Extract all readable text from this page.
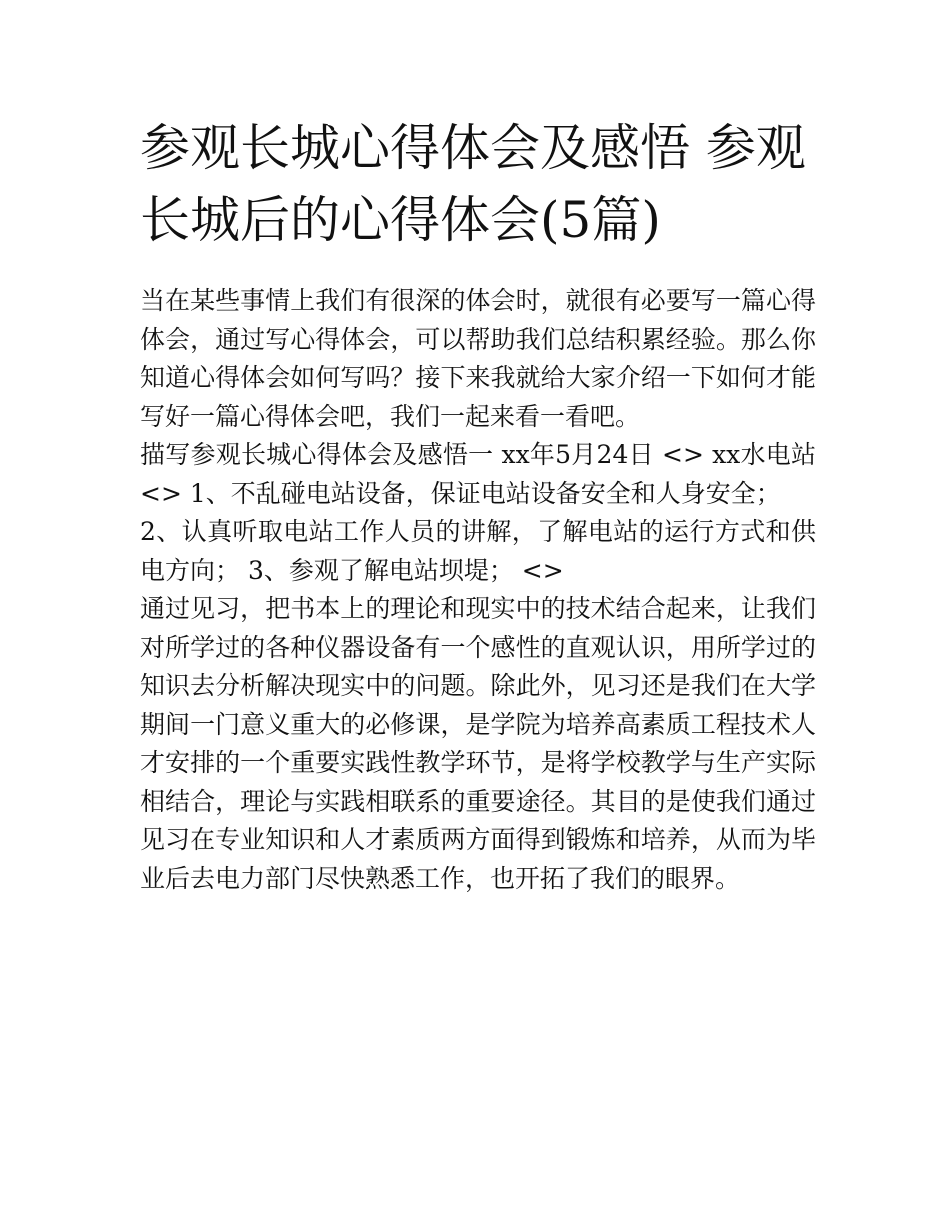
参观长城心得体会及感悟 参观长城后的心得体会(5篇)

当在某些事情上我们有很深的体会时，就很有必要写一篇心得体会，通过写心得体会，可以帮助我们总结积累经验。那么你知道心得体会如何写吗？接下来我就给大家介绍一下如何才能写好一篇心得体会吧，我们一起来看一看吧。

描写参观长城心得体会及感悟一 xx年5月24日 <> xx水电站 <> 1、不乱碰电站设备，保证电站设备安全和人身安全；

2、认真听取电站工作人员的讲解，了解电站的运行方式和供电方向； 3、参观了解电站坝堤； <>

通过见习，把书本上的理论和现实中的技术结合起来，让我们对所学过的各种仪器设备有一个感性的直观认识，用所学过的知识去分析解决现实中的问题。除此外，见习还是我们在大学期间一门意义重大的必修课，是学院为培养高素质工程技术人才安排的一个重要实践性教学环节，是将学校教学与生产实际相结合，理论与实践相联系的重要途径。其目的是使我们通过见习在专业知识和人才素质两方面得到锻炼和培养，从而为毕业后去电力部门尽快熟悉工作，也开拓了我们的眼界。
